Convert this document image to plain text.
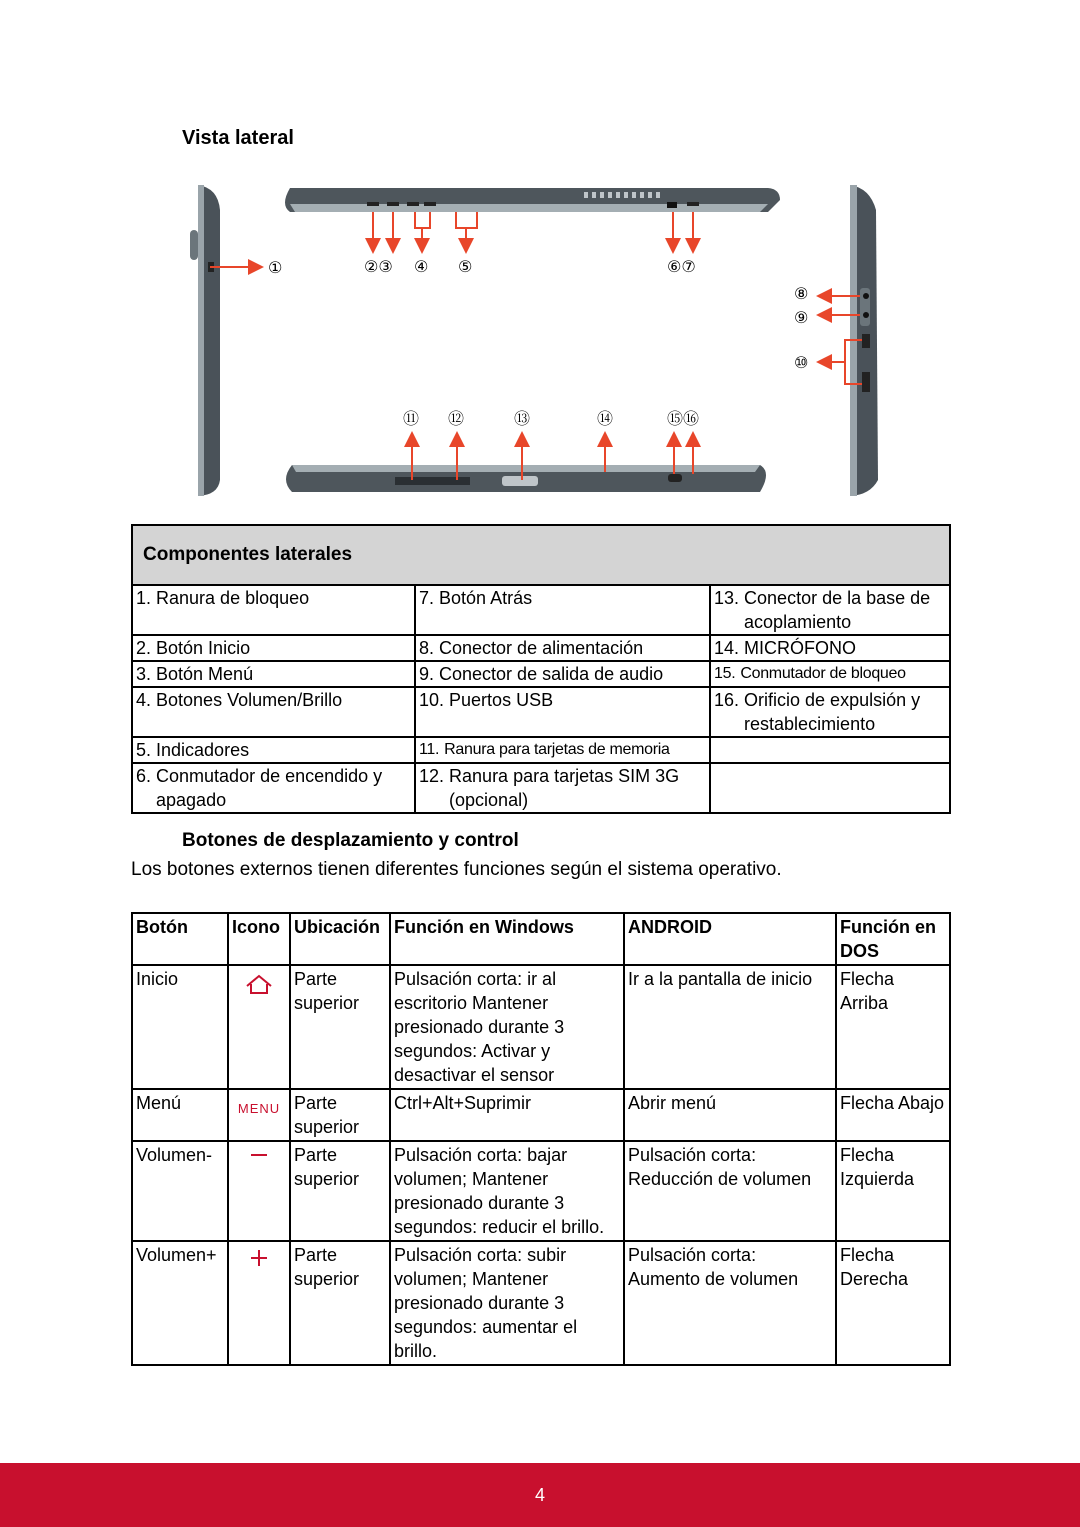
Vista lateral
①	②③ ④ ⑤	⑥⑦
⑧
⑨
⑩
⑪ ⑫	⑬	⑭	⑮⑯
Componentes laterales		

1. Ranura de bloqueo	7. Botón Atrás	13. Conector de la base de acoplamiento

2. Botón Inicio	8. Conector de alimentación	14. MICRÓFONO

3. Botón Menú	9. Conector de salida de audio	15. Conmutador de bloqueo

4. Botones Volumen/Brillo	10. Puertos USB	16. Orificio de expulsión y restablecimiento

5. Indicadores	11. Ranura para tarjetas de memoria	

6. Conmutador de encendido y apagado	12. Ranura para tarjetas SIM 3G (opcional)	

Botones de desplazamiento y control
Los botones externos tienen diferentes funciones según el sistema operativo.
Botón	Icono	Ubicación	Función en Windows	ANDROID	Función en DOS
Inicio		Parte superior	Pulsación corta: ir al escritorio Mantener presionado durante 3 segundos: Activar y desactivar el sensor	Ir a la pantalla de inicio	Flecha Arriba
Menú	MENU	Parte superior	Ctrl+Alt+Suprimir	Abrir menú	Flecha Abajo
Volumen-		Parte superior	Pulsación corta: bajar volumen; Mantener presionado durante 3 segundos: reducir el brillo.	Pulsación corta: Reducción de volumen	Flecha Izquierda
Volumen+		Parte superior	Pulsación corta: subir volumen; Mantener presionado durante 3 segundos: aumentar el brillo.	Pulsación corta: Aumento de volumen	Flecha Derecha
4
